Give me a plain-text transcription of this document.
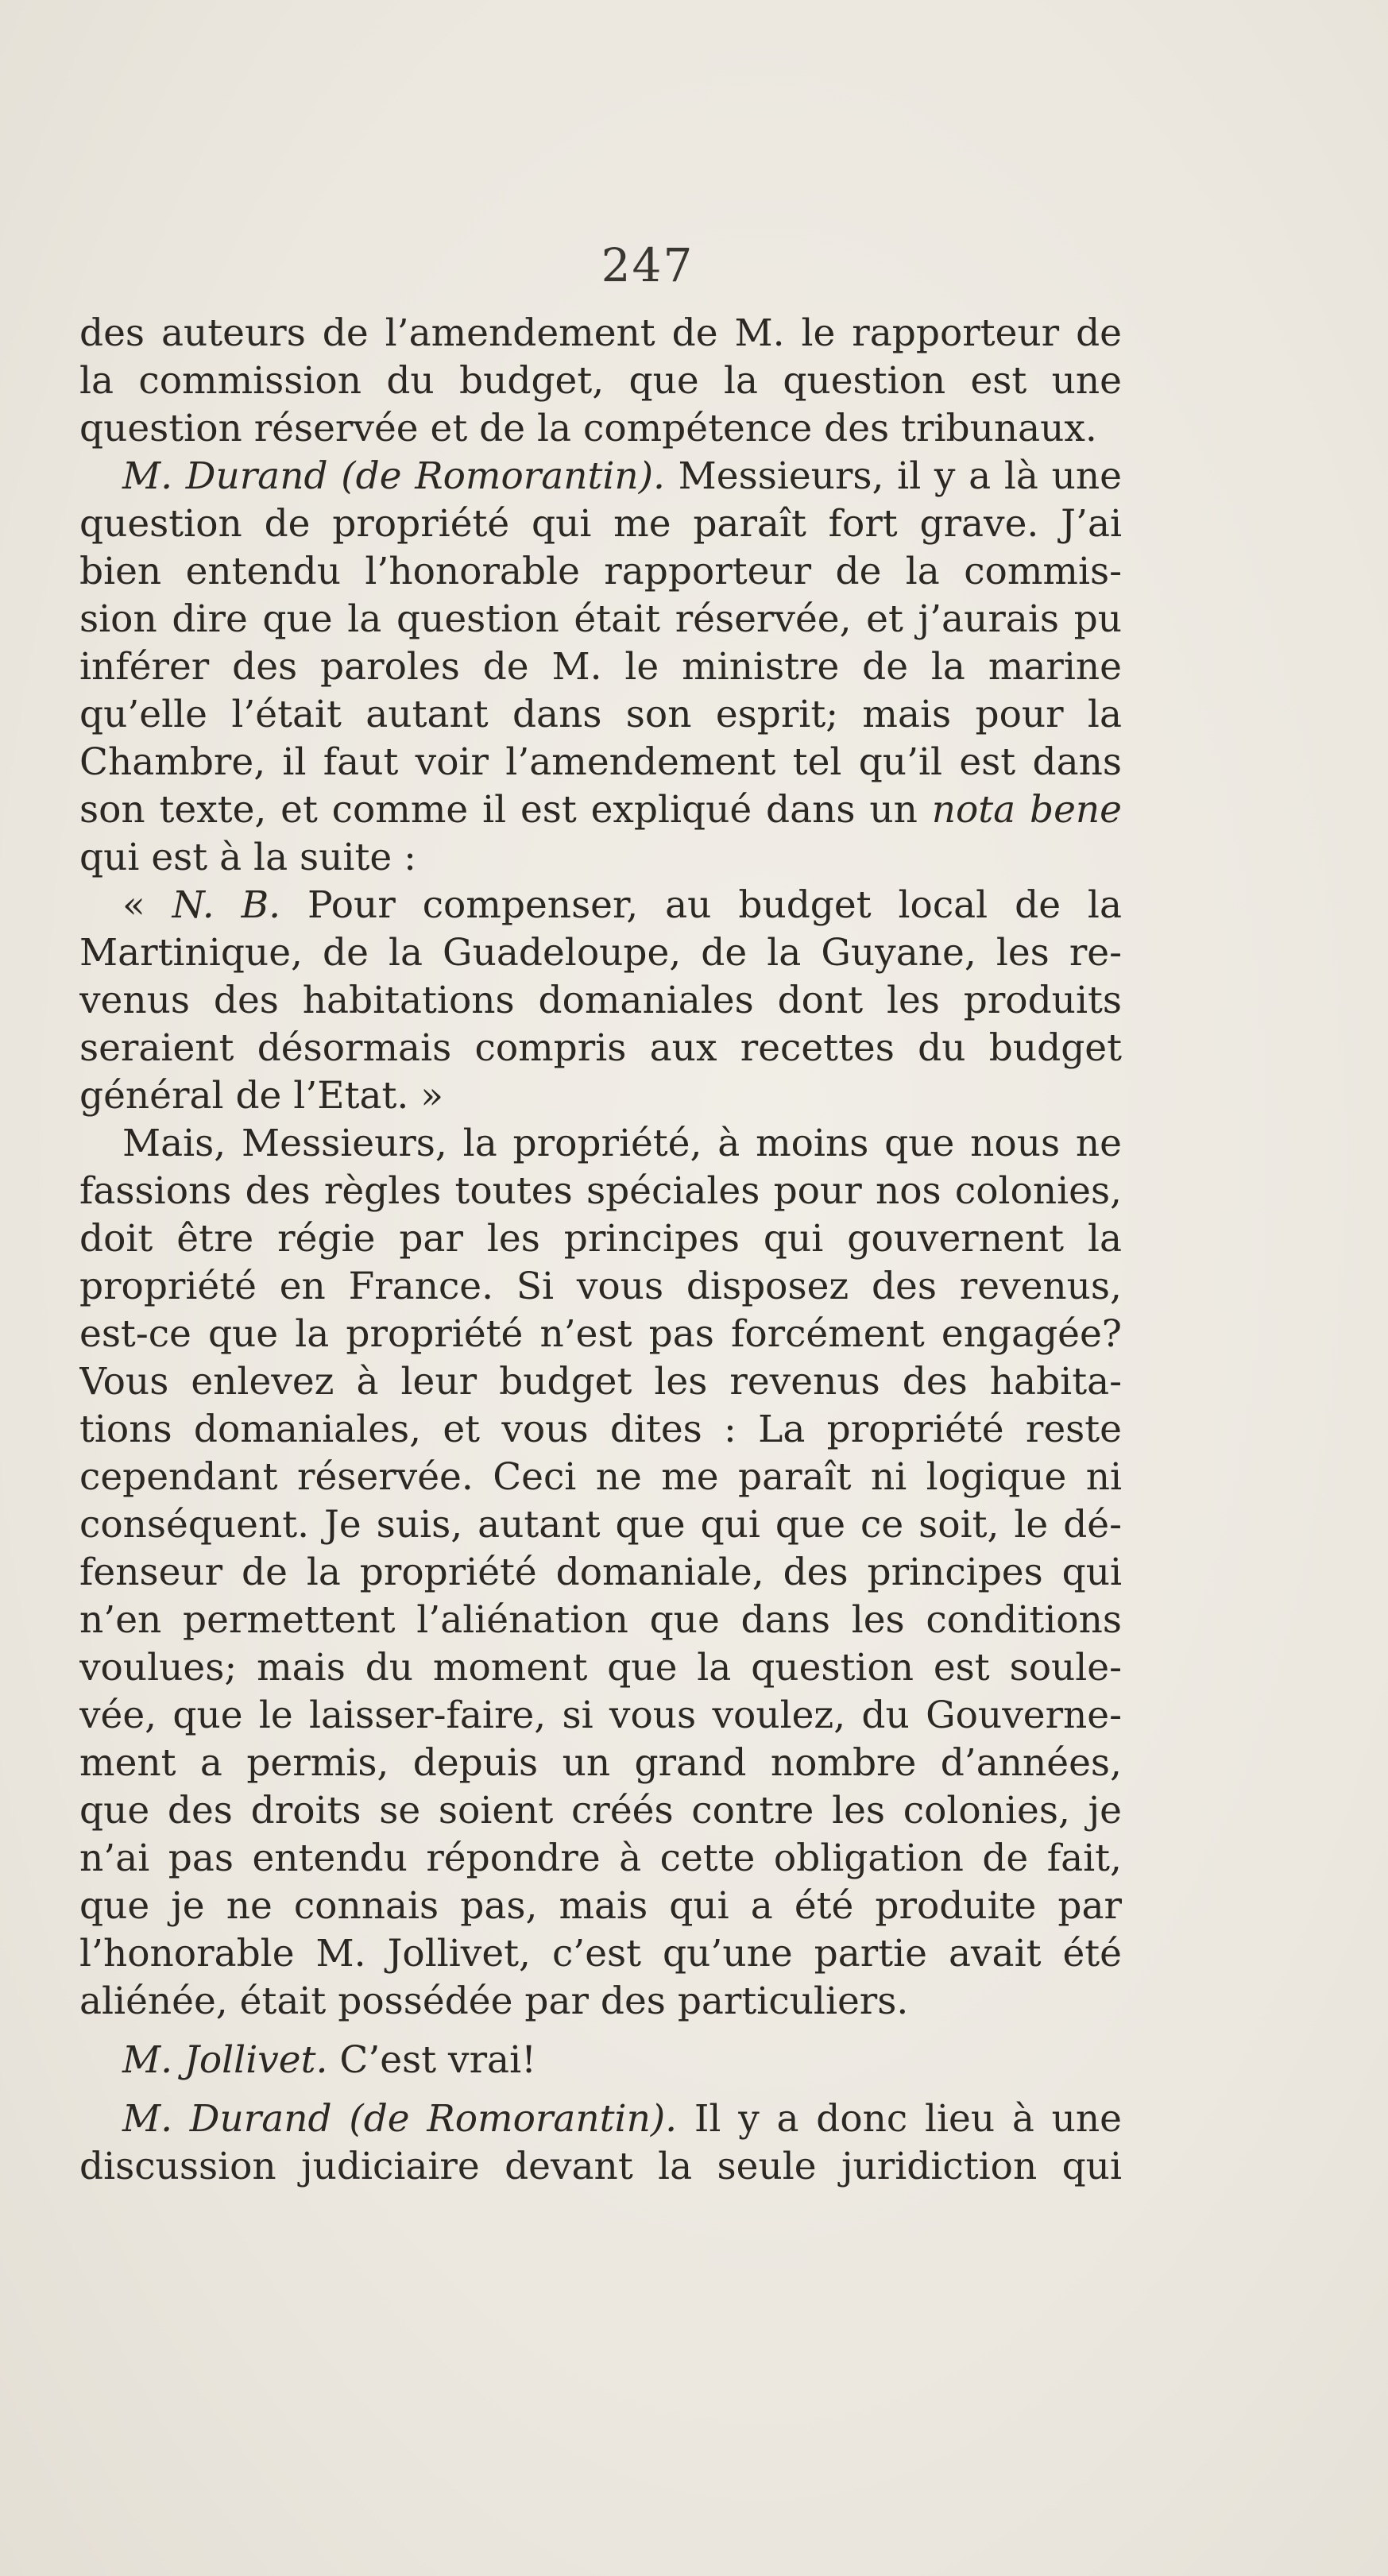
247
des auteurs de l’amendement de M. le rapporteur de
la commission du budget, que la question est une
question réservée et de la compétence des tribunaux.
M. Durand (de Romorantin). Messieurs, il y a là une
question de propriété qui me paraît fort grave. J’ai
bien entendu l’honorable rapporteur de la commis-
sion dire que la question était réservée, et j’aurais pu
inférer des paroles de M. le ministre de la marine
qu’elle l’était autant dans son esprit; mais pour la
Chambre, il faut voir l’amendement tel qu’il est dans
son texte, et comme il est expliqué dans un nota bene
qui est à la suite :
« N. B. Pour compenser, au budget local de la
Martinique, de la Guadeloupe, de la Guyane, les re-
venus des habitations domaniales dont les produits
seraient désormais compris aux recettes du budget
général de l’Etat. »
Mais, Messieurs, la propriété, à moins que nous ne
fassions des règles toutes spéciales pour nos colonies,
doit être régie par les principes qui gouvernent la
propriété en France. Si vous disposez des revenus,
est-ce que la propriété n’est pas forcément engagée?
Vous enlevez à leur budget les revenus des habita-
tions domaniales, et vous dites : La propriété reste
cependant réservée. Ceci ne me paraît ni logique ni
conséquent. Je suis, autant que qui que ce soit, le dé-
fenseur de la propriété domaniale, des principes qui
n’en permettent l’aliénation que dans les conditions
voulues; mais du moment que la question est soule-
vée, que le laisser-faire, si vous voulez, du Gouverne-
ment a permis, depuis un grand nombre d’années,
que des droits se soient créés contre les colonies, je
n’ai pas entendu répondre à cette obligation de fait,
que je ne connais pas, mais qui a été produite par
l’honorable M. Jollivet, c’est qu’une partie avait été
aliénée, était possédée par des particuliers.
M. Jollivet. C’est vrai!
M. Durand (de Romorantin). Il y a donc lieu à une
discussion judiciaire devant la seule juridiction qui
